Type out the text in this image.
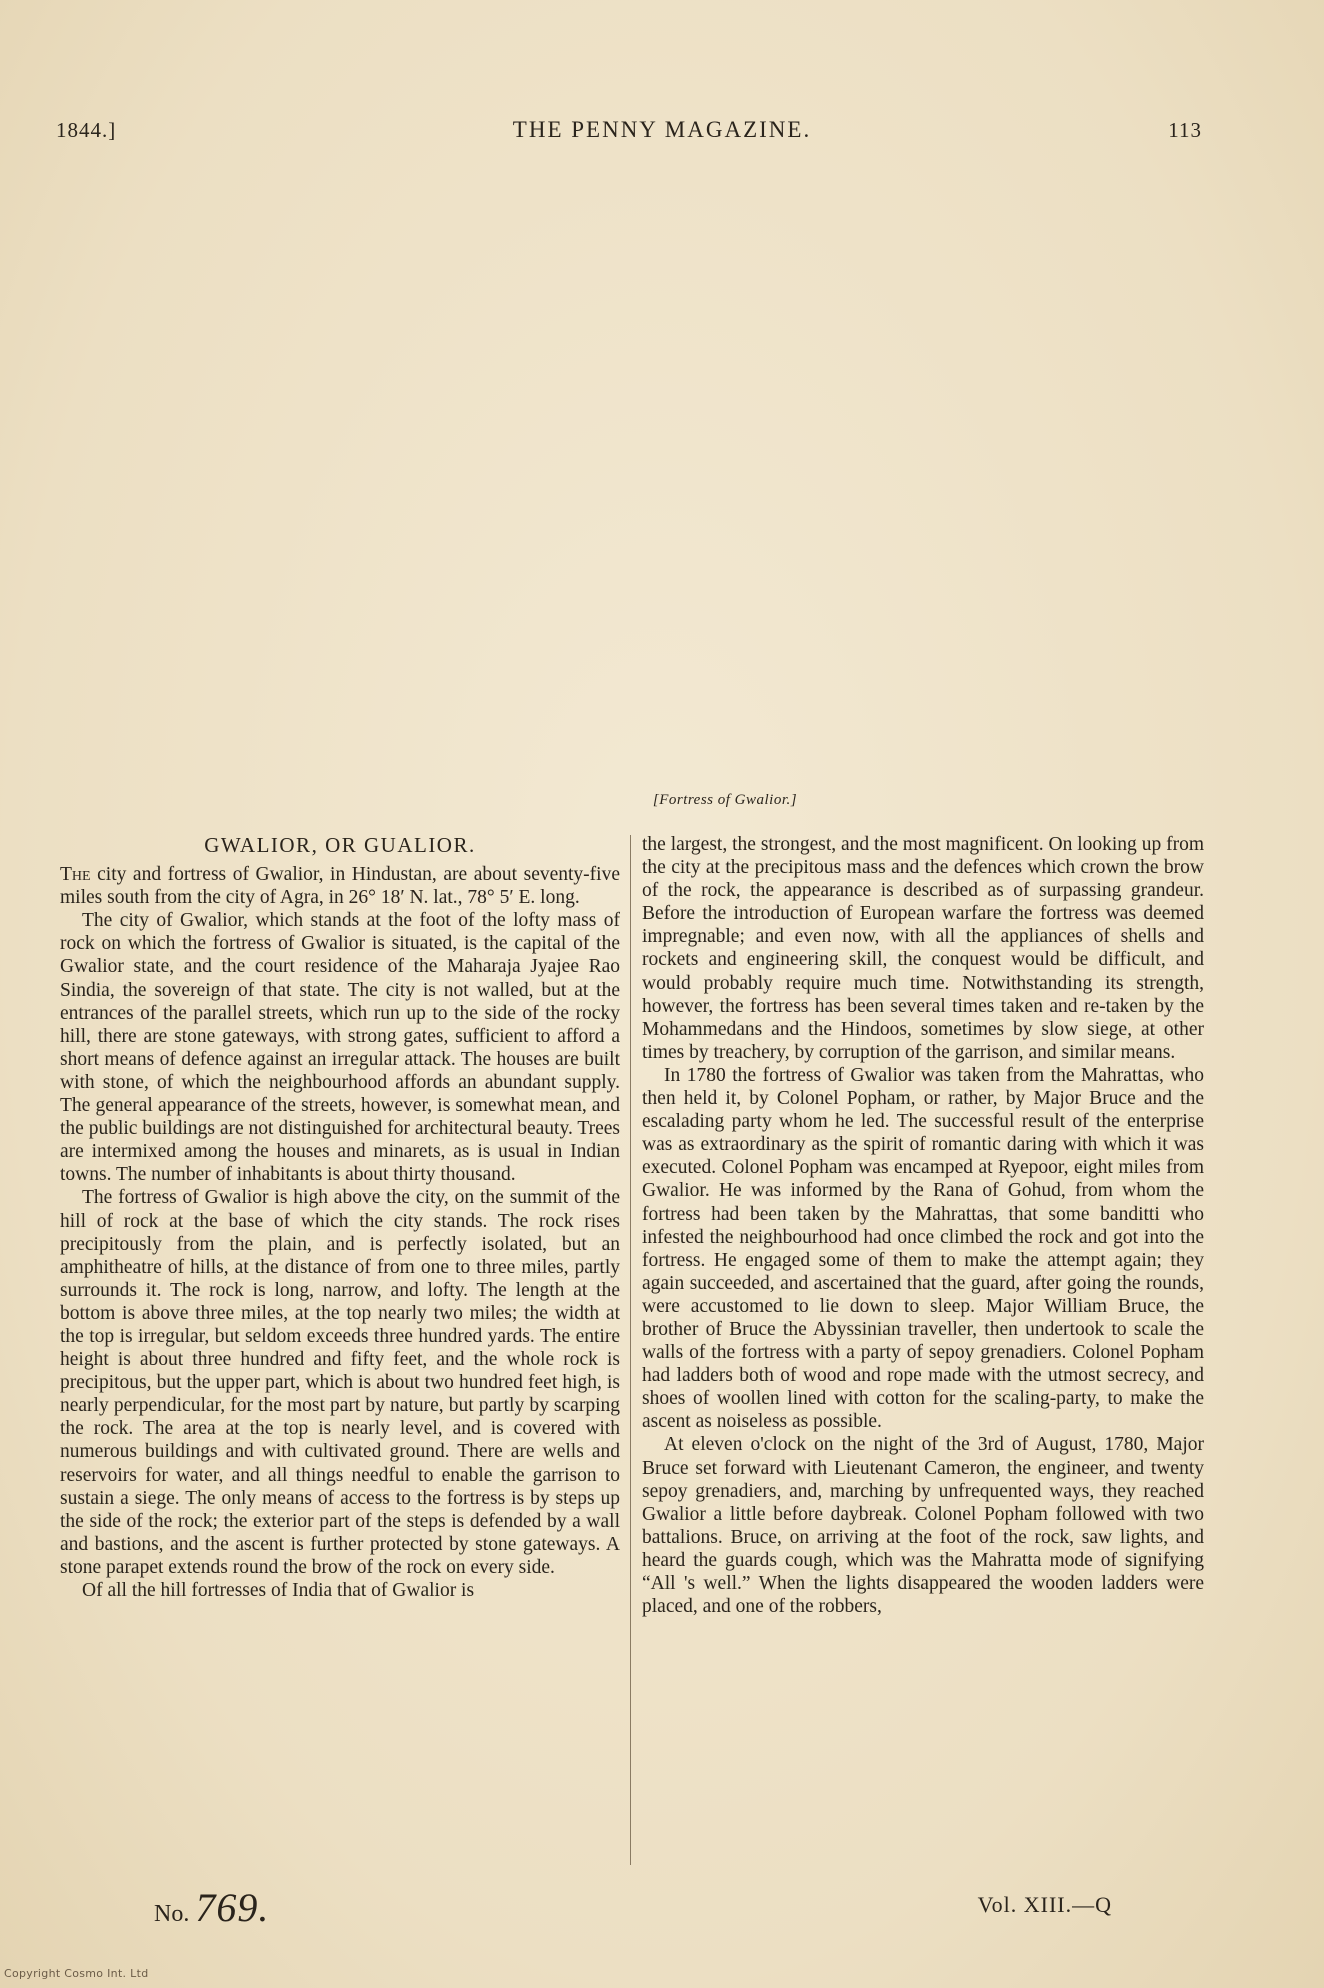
1844.]	THE PENNY MAGAZINE.	113
[Fortress of Gwalior.]
GWALIOR, OR GUALIOR.

The city and fortress of Gwalior, in Hindustan, are about seventy-five miles south from the city of Agra, in 26° 18′ N. lat., 78° 5′ E. long.

The city of Gwalior, which stands at the foot of the lofty mass of rock on which the fortress of Gwalior is situated, is the capital of the Gwalior state, and the court residence of the Maharaja Jyajee Rao Sindia, the sovereign of that state. The city is not walled, but at the entrances of the parallel streets, which run up to the side of the rocky hill, there are stone gateways, with strong gates, sufficient to afford a short means of defence against an irregular attack. The houses are built with stone, of which the neighbourhood affords an abundant supply. The general appearance of the streets, however, is somewhat mean, and the public buildings are not distinguished for architectural beauty. Trees are intermixed among the houses and minarets, as is usual in Indian towns. The number of inhabitants is about thirty thousand.

The fortress of Gwalior is high above the city, on the summit of the hill of rock at the base of which the city stands. The rock rises precipitously from the plain, and is perfectly isolated, but an amphitheatre of hills, at the distance of from one to three miles, partly surrounds it. The rock is long, narrow, and lofty. The length at the bottom is above three miles, at the top nearly two miles; the width at the top is irregular, but seldom exceeds three hundred yards. The entire height is about three hundred and fifty feet, and the whole rock is precipitous, but the upper part, which is about two hundred feet high, is nearly perpendicular, for the most part by nature, but partly by scarping the rock. The area at the top is nearly level, and is covered with numerous buildings and with cultivated ground. There are wells and reservoirs for water, and all things needful to enable the garrison to sustain a siege. The only means of access to the fortress is by steps up the side of the rock; the exterior part of the steps is defended by a wall and bastions, and the ascent is further protected by stone gateways. A stone parapet extends round the brow of the rock on every side.

Of all the hill fortresses of India that of Gwalior is

the largest, the strongest, and the most magnificent. On looking up from the city at the precipitous mass and the defences which crown the brow of the rock, the appearance is described as of surpassing grandeur. Before the introduction of European warfare the fortress was deemed impregnable; and even now, with all the appliances of shells and rockets and engineering skill, the conquest would be difficult, and would probably require much time. Notwithstanding its strength, however, the fortress has been several times taken and re-taken by the Mohammedans and the Hindoos, sometimes by slow siege, at other times by treachery, by corruption of the garrison, and similar means.

In 1780 the fortress of Gwalior was taken from the Mahrattas, who then held it, by Colonel Popham, or rather, by Major Bruce and the escalading party whom he led. The successful result of the enterprise was as extraordinary as the spirit of romantic daring with which it was executed. Colonel Popham was encamped at Ryepoor, eight miles from Gwalior. He was informed by the Rana of Gohud, from whom the fortress had been taken by the Mahrattas, that some banditti who infested the neighbourhood had once climbed the rock and got into the fortress. He engaged some of them to make the attempt again; they again succeeded, and ascertained that the guard, after going the rounds, were accustomed to lie down to sleep. Major William Bruce, the brother of Bruce the Abyssinian traveller, then undertook to scale the walls of the fortress with a party of sepoy grenadiers. Colonel Popham had ladders both of wood and rope made with the utmost secrecy, and shoes of woollen lined with cotton for the scaling-party, to make the ascent as noiseless as possible.

At eleven o'clock on the night of the 3rd of August, 1780, Major Bruce set forward with Lieutenant Cameron, the engineer, and twenty sepoy grenadiers, and, marching by unfrequented ways, they reached Gwalior a little before daybreak. Colonel Popham followed with two battalions. Bruce, on arriving at the foot of the rock, saw lights, and heard the guards cough, which was the Mahratta mode of signifying “All 's well.” When the lights disappeared the wooden ladders were placed, and one of the robbers,

No. 769.	Vol. XIII.—Q
Copyright Cosmo Int. Ltd
